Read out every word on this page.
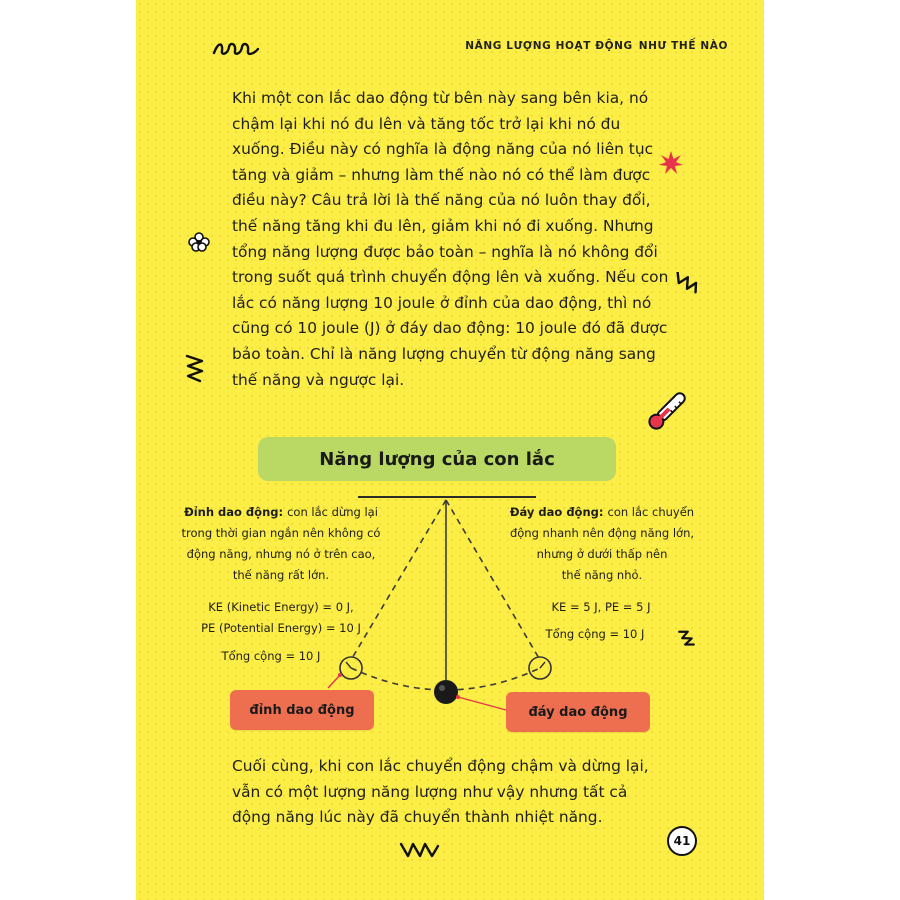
NĂNG LƯỢNG HOẠT ĐỘNG NHƯ THẾ NÀO

Khi một con lắc dao động từ bên này sang bên kia, nó chậm lại khi nó đu lên và tăng tốc trở lại khi nó đu xuống. Điều này có nghĩa là động năng của nó liên tục tăng và giảm – nhưng làm thế nào nó có thể làm được điều này? Câu trả lời là thế năng của nó luôn thay đổi, thế năng tăng khi đu lên, giảm khi nó đi xuống. Nhưng tổng năng lượng được bảo toàn – nghĩa là nó không đổi trong suốt quá trình chuyển động lên và xuống. Nếu con lắc có năng lượng 10 joule ở đỉnh của dao động, thì nó cũng có 10 joule (J) ở đáy dao động: 10 joule đó đã được bảo toàn. Chỉ là năng lượng chuyển từ động năng sang thế năng và ngược lại.

Năng lượng của con lắc
Đỉnh dao động: con lắc dừng lại
trong thời gian ngắn nên không có
động năng, nhưng nó ở trên cao,
thế năng rất lớn.
KE (Kinetic Energy) = 0 J,
PE (Potential Energy) = 10 J
Tổng cộng = 10 J
Đáy dao động: con lắc chuyển
động nhanh nên động năng lớn,
nhưng ở dưới thấp nên
thế năng nhỏ.
KE = 5 J, PE = 5 J
Tổng cộng = 10 J
đỉnh dao động	đáy dao động

Cuối cùng, khi con lắc chuyển động chậm và dừng lại, vẫn có một lượng năng lượng như vậy nhưng tất cả động năng lúc này đã chuyển thành nhiệt năng.

41
